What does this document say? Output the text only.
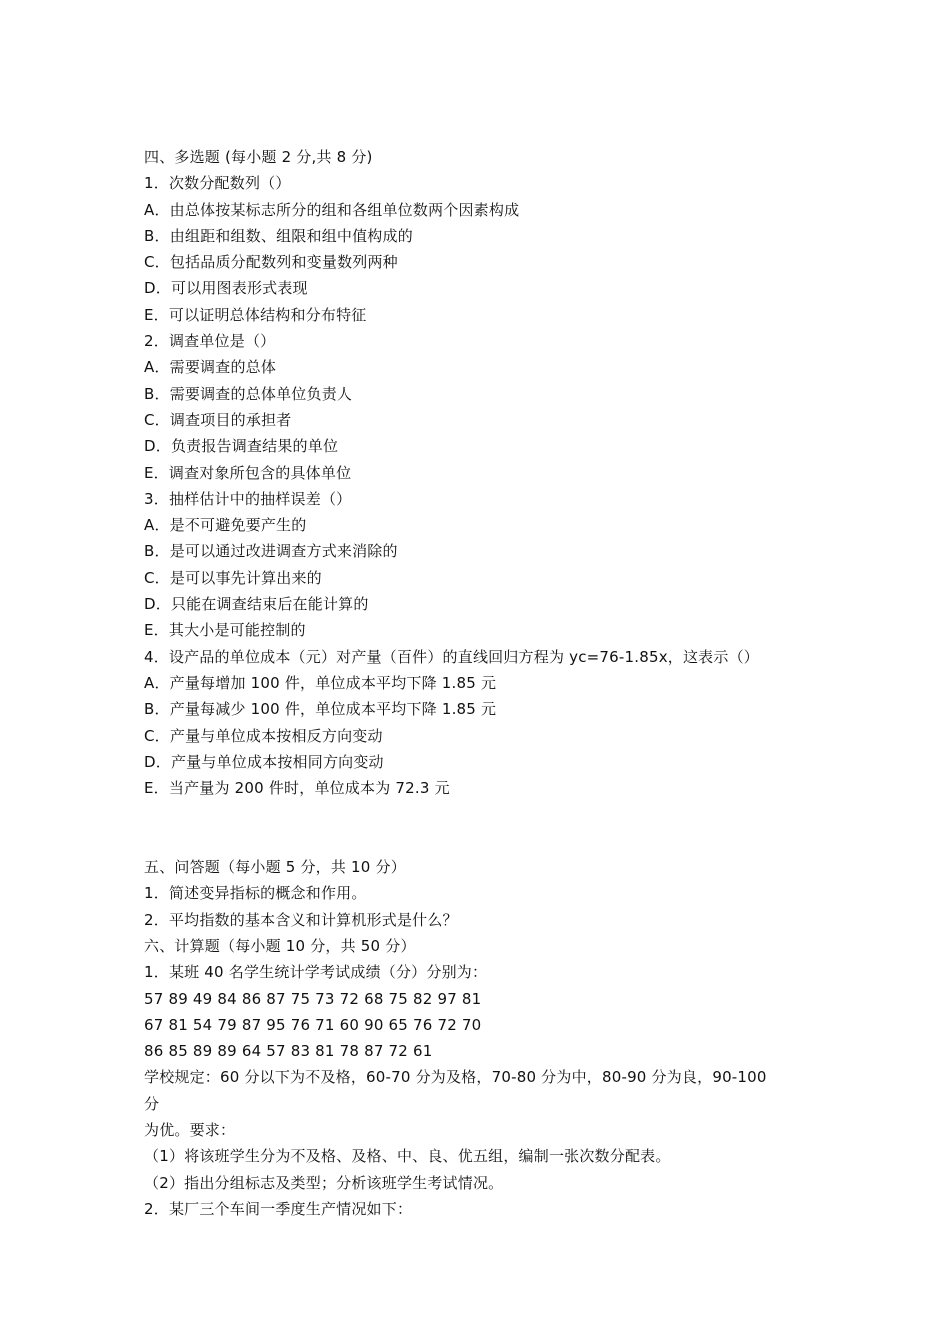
四、多选题 (每小题 2 分,共 8 分)
1．次数分配数列（）
A．由总体按某标志所分的组和各组单位数两个因素构成
B．由组距和组数、组限和组中值构成的
C．包括品质分配数列和变量数列两种
D．可以用图表形式表现
E．可以证明总体结构和分布特征
2．调查单位是（）
A．需要调查的总体
B．需要调查的总体单位负责人
C．调查项目的承担者
D．负责报告调查结果的单位
E．调查对象所包含的具体单位
3．抽样估计中的抽样误差（）
A．是不可避免要产生的
B．是可以通过改进调查方式来消除的
C．是可以事先计算出来的
D．只能在调查结束后在能计算的
E．其大小是可能控制的
4．设产品的单位成本（元）对产量（百件）的直线回归方程为 yc=76-1.85x，这表示（）
A．产量每增加 100 件，单位成本平均下降 1.85 元
B．产量每减少 100 件，单位成本平均下降 1.85 元
C．产量与单位成本按相反方向变动
D．产量与单位成本按相同方向变动
E．当产量为 200 件时，单位成本为 72.3 元
五、问答题（每小题 5 分，共 10 分）
1．简述变异指标的概念和作用。
2．平均指数的基本含义和计算机形式是什么？
六、计算题（每小题 10 分，共 50 分）
1．某班 40 名学生统计学考试成绩（分）分别为：
57 89 49 84 86 87 75 73 72 68 75 82 97 81
67 81 54 79 87 95 76 71 60 90 65 76 72 70
86 85 89 89 64 57 83 81 78 87 72 61
学校规定：60 分以下为不及格，60-70 分为及格，70-80 分为中，80-90 分为良，90-100
分
为优。要求：
（1）将该班学生分为不及格、及格、中、良、优五组，编制一张次数分配表。
（2）指出分组标志及类型；分析该班学生考试情况。
2．某厂三个车间一季度生产情况如下：
